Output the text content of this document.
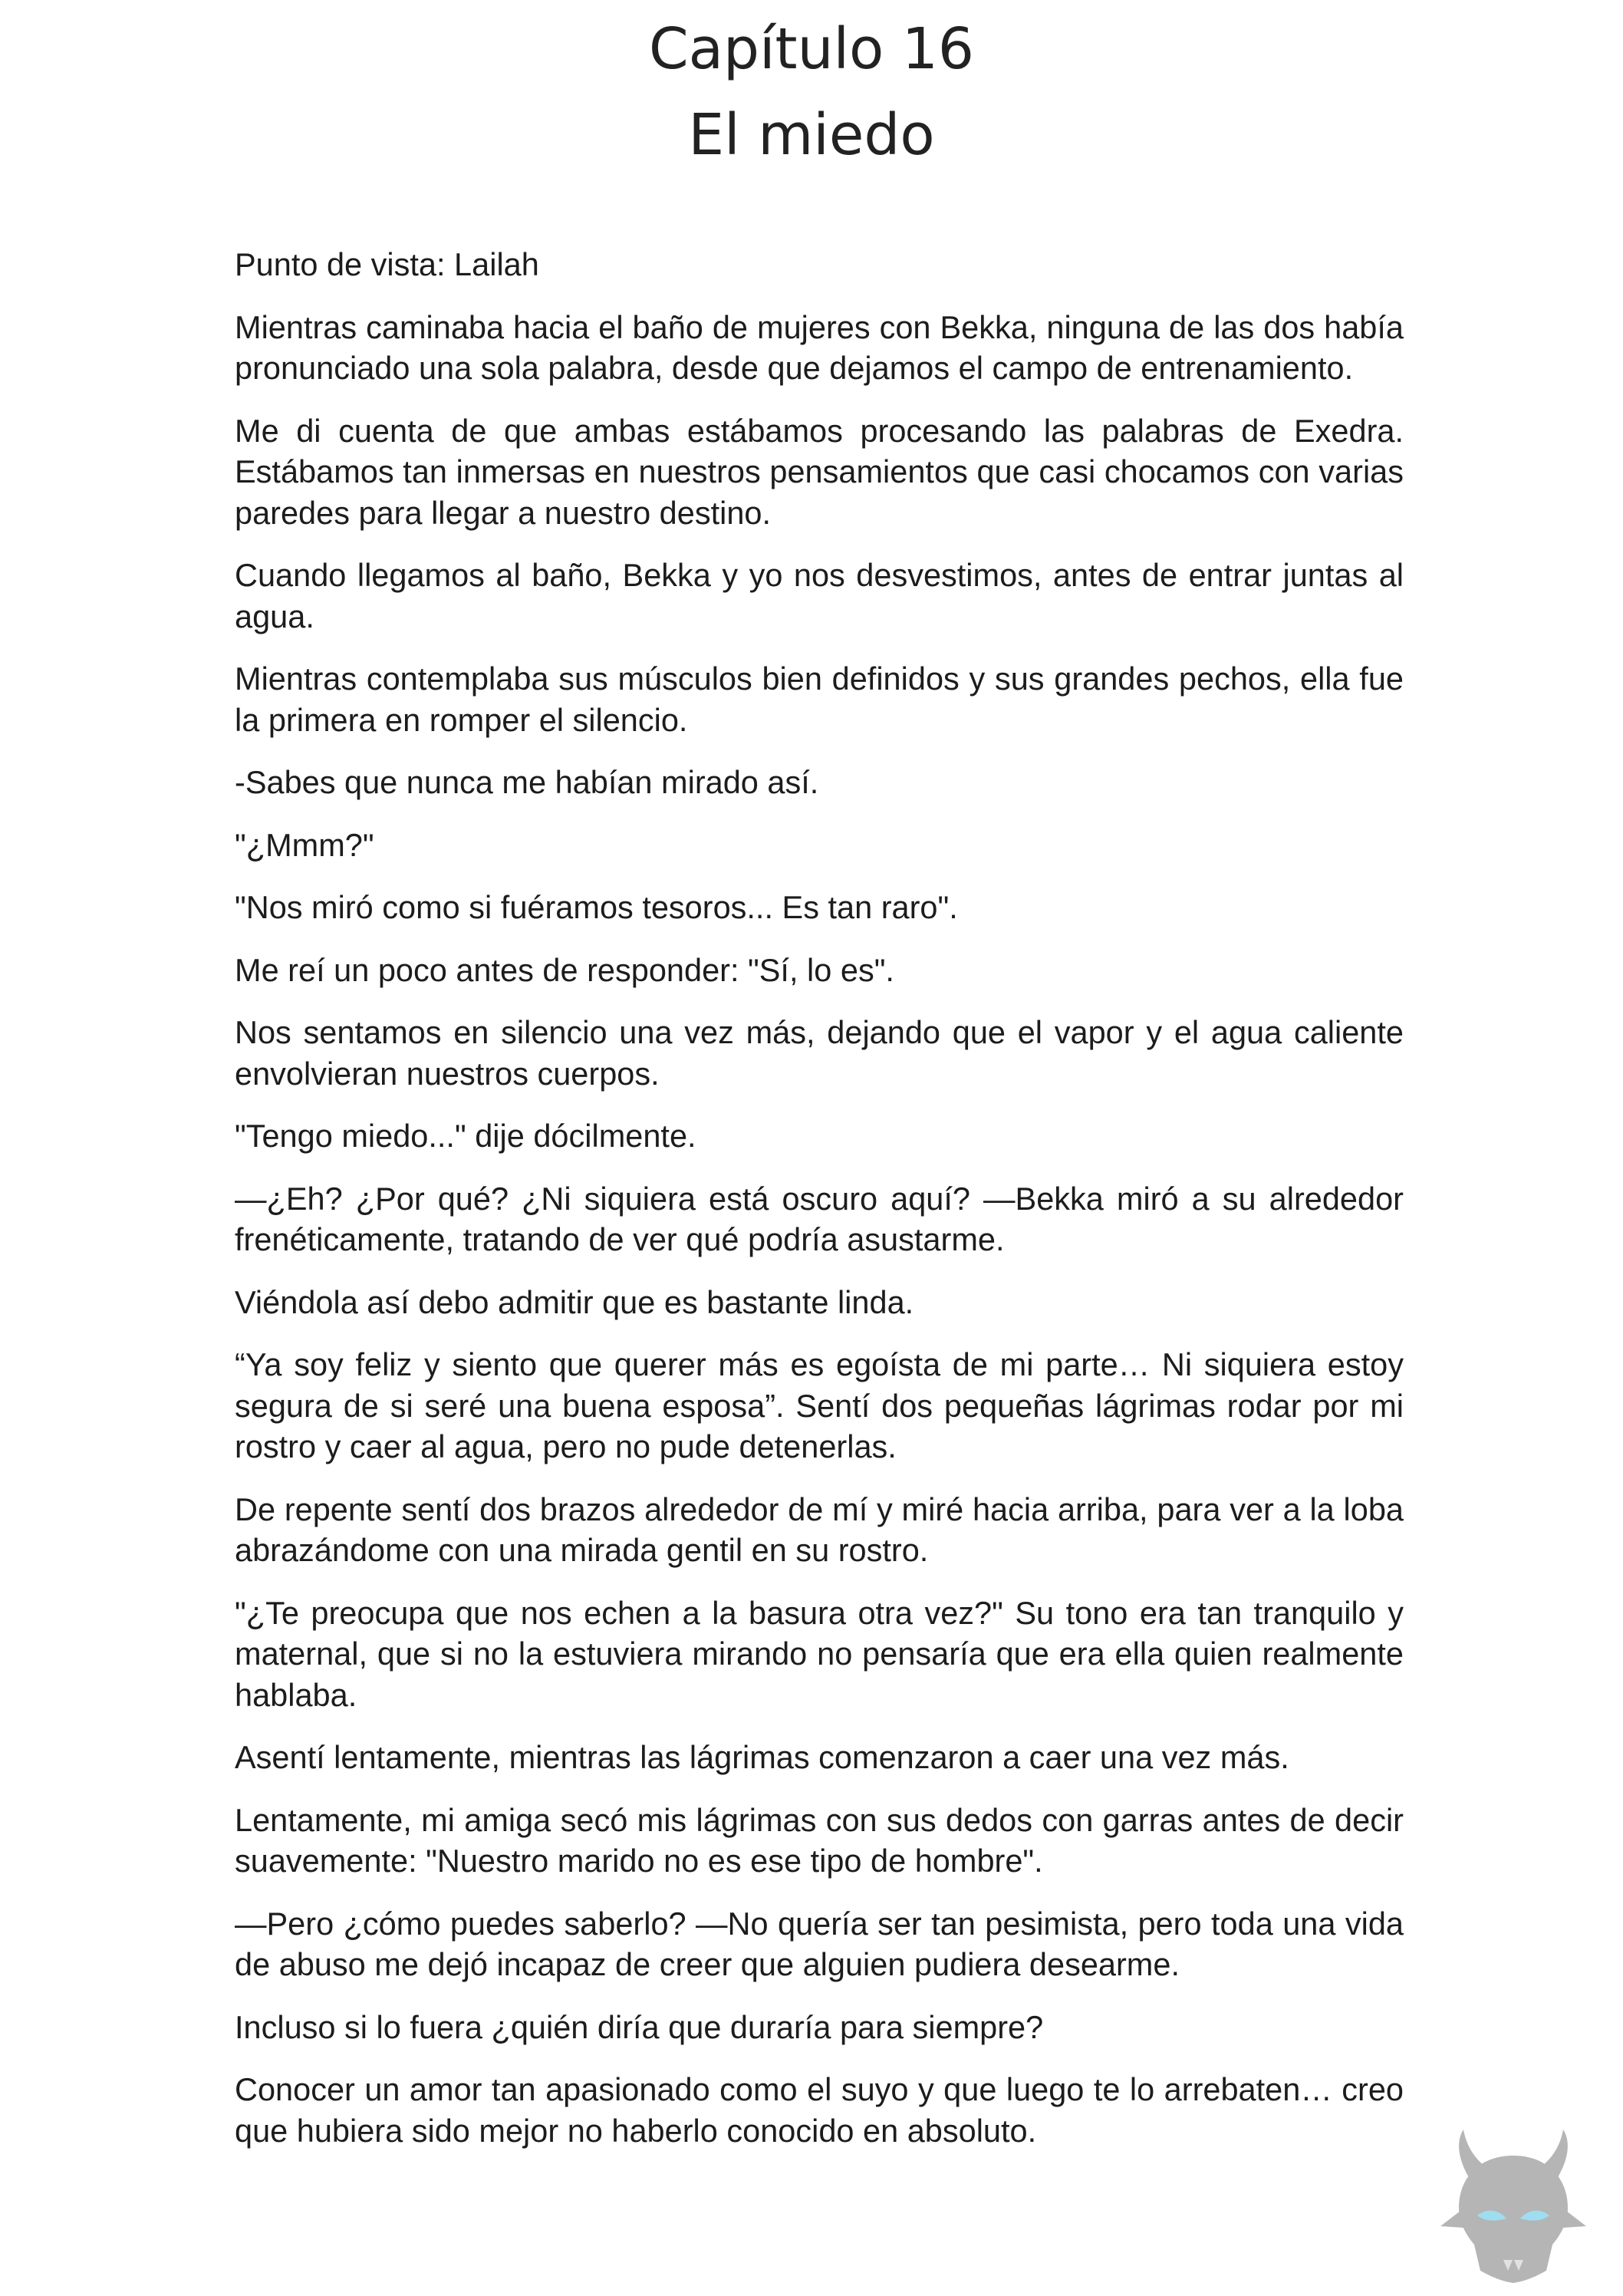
Capítulo 16
El miedo

Punto de vista: Lailah

Mientras caminaba hacia el baño de mujeres con Bekka, ninguna de las dos había pronunciado una sola palabra, desde que dejamos el campo de entrenamiento.

Me di cuenta de que ambas estábamos procesando las palabras de Exedra. Estábamos tan inmersas en nuestros pensamientos que casi chocamos con varias paredes para llegar a nuestro destino.

Cuando llegamos al baño, Bekka y yo nos desvestimos, antes de entrar juntas al agua.

Mientras contemplaba sus músculos bien definidos y sus grandes pechos, ella fue la primera en romper el silencio.

-Sabes que nunca me habían mirado así.

"¿Mmm?"

"Nos miró como si fuéramos tesoros... Es tan raro".

Me reí un poco antes de responder: "Sí, lo es".

Nos sentamos en silencio una vez más, dejando que el vapor y el agua caliente envolvieran nuestros cuerpos.

"Tengo miedo..." dije dócilmente.

—¿Eh? ¿Por qué? ¿Ni siquiera está oscuro aquí? —Bekka miró a su alrededor frenéticamente, tratando de ver qué podría asustarme.

Viéndola así debo admitir que es bastante linda.

“Ya soy feliz y siento que querer más es egoísta de mi parte… Ni siquiera estoy segura de si seré una buena esposa”. Sentí dos pequeñas lágrimas rodar por mi rostro y caer al agua, pero no pude detenerlas.

De repente sentí dos brazos alrededor de mí y miré hacia arriba, para ver a la loba abrazándome con una mirada gentil en su rostro.

"¿Te preocupa que nos echen a la basura otra vez?" Su tono era tan tranquilo y maternal, que si no la estuviera mirando no pensaría que era ella quien realmente hablaba.

Asentí lentamente, mientras las lágrimas comenzaron a caer una vez más.

Lentamente, mi amiga secó mis lágrimas con sus dedos con garras antes de decir suavemente: "Nuestro marido no es ese tipo de hombre".

—Pero ¿cómo puedes saberlo? —No quería ser tan pesimista, pero toda una vida de abuso me dejó incapaz de creer que alguien pudiera desearme.

Incluso si lo fuera ¿quién diría que duraría para siempre?

Conocer un amor tan apasionado como el suyo y que luego te lo arrebaten… creo que hubiera sido mejor no haberlo conocido en absoluto.
